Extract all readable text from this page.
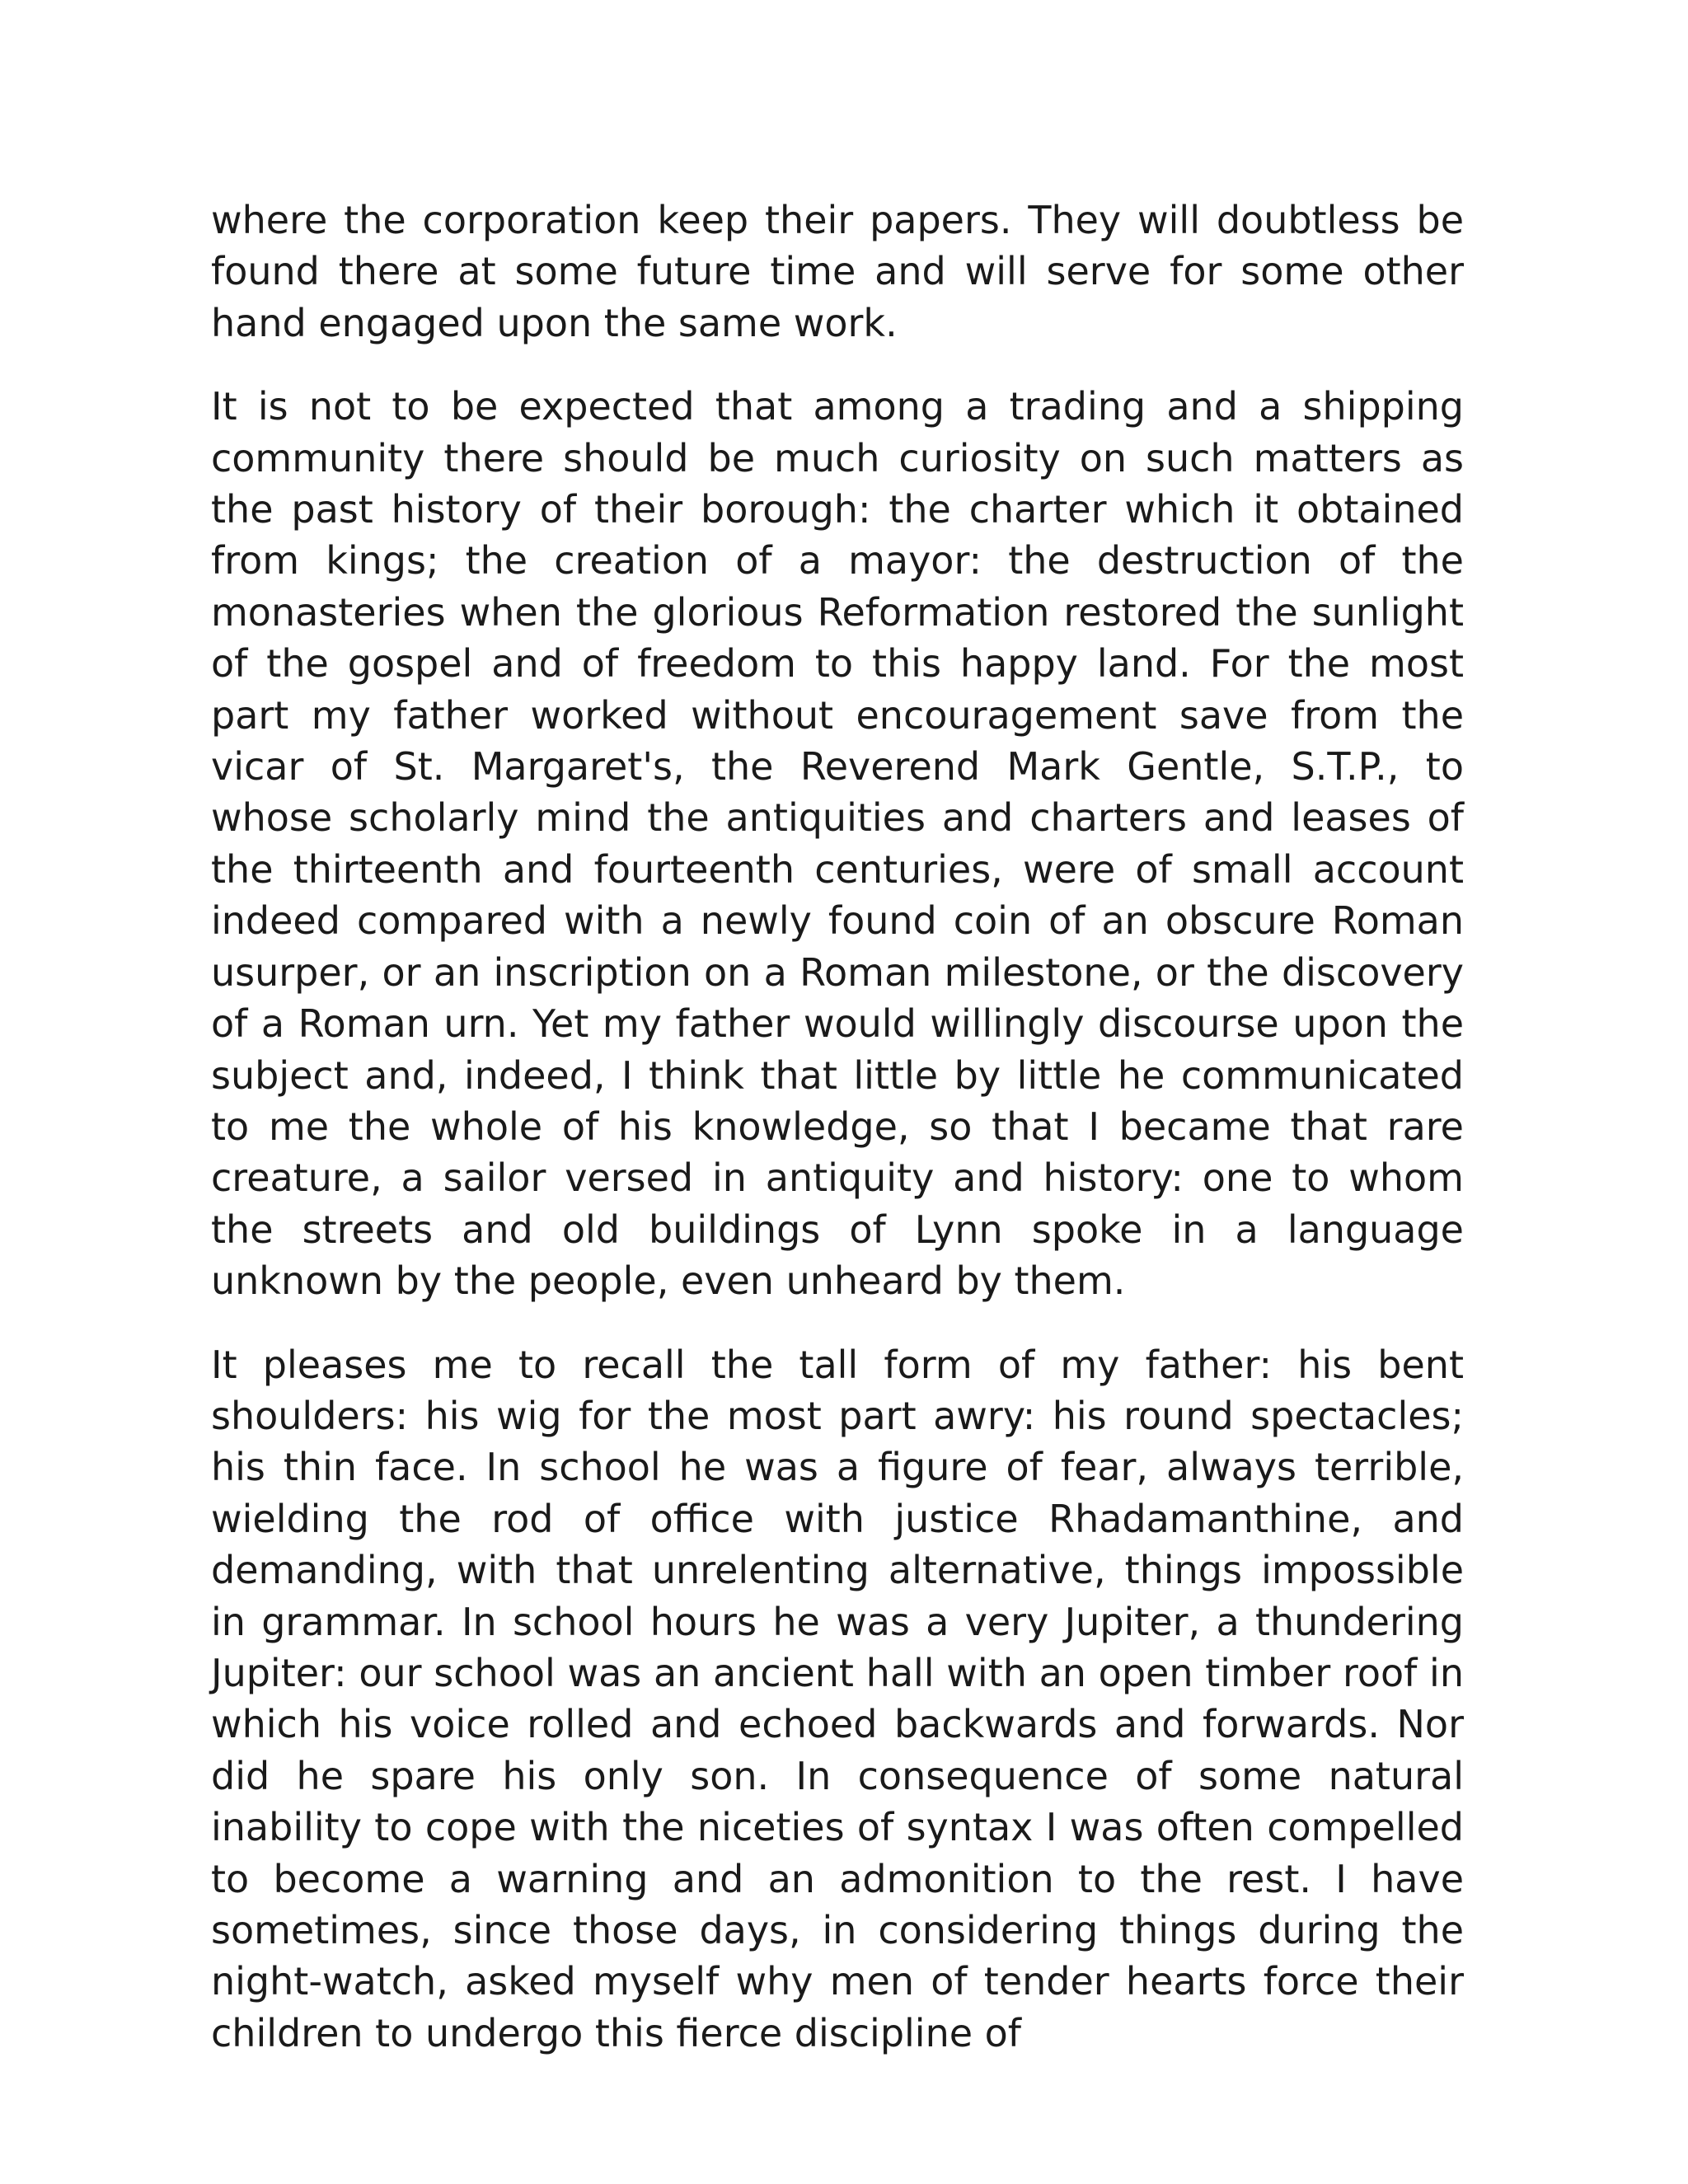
where the corporation keep their papers. They will doubtless be found there at some future time and will serve for some other hand engaged upon the same work.

It is not to be expected that among a trading and a shipping community there should be much curiosity on such matters as the past history of their borough: the charter which it obtained from kings; the creation of a mayor: the destruction of the monasteries when the glorious Reformation restored the sunlight of the gospel and of freedom to this happy land. For the most part my father worked without encouragement save from the vicar of St. Margaret's, the Reverend Mark Gentle, S.T.P., to whose scholarly mind the antiquities and charters and leases of the thirteenth and fourteenth centuries, were of small account indeed compared with a newly found coin of an obscure Roman usurper, or an inscription on a Roman milestone, or the discovery of a Roman urn. Yet my father would willingly discourse upon the subject and, indeed, I think that little by little he communicated to me the whole of his knowledge, so that I became that rare creature, a sailor versed in antiquity and history: one to whom the streets and old buildings of Lynn spoke in a language unknown by the people, even unheard by them.

It pleases me to recall the tall form of my father: his bent shoulders: his wig for the most part awry: his round spectacles; his thin face. In school he was a figure of fear, always terrible, wielding the rod of office with justice Rhadamanthine, and demanding, with that unrelenting alternative, things impossible in grammar. In school hours he was a very Jupiter, a thundering Jupiter: our school was an ancient hall with an open timber roof in which his voice rolled and echoed backwards and forwards. Nor did he spare his only son. In consequence of some natural inability to cope with the niceties of syntax I was often compelled to become a warning and an admonition to the rest. I have sometimes, since those days, in considering things during the night-watch, asked myself why men of tender hearts force their children to undergo this fierce discipline of
